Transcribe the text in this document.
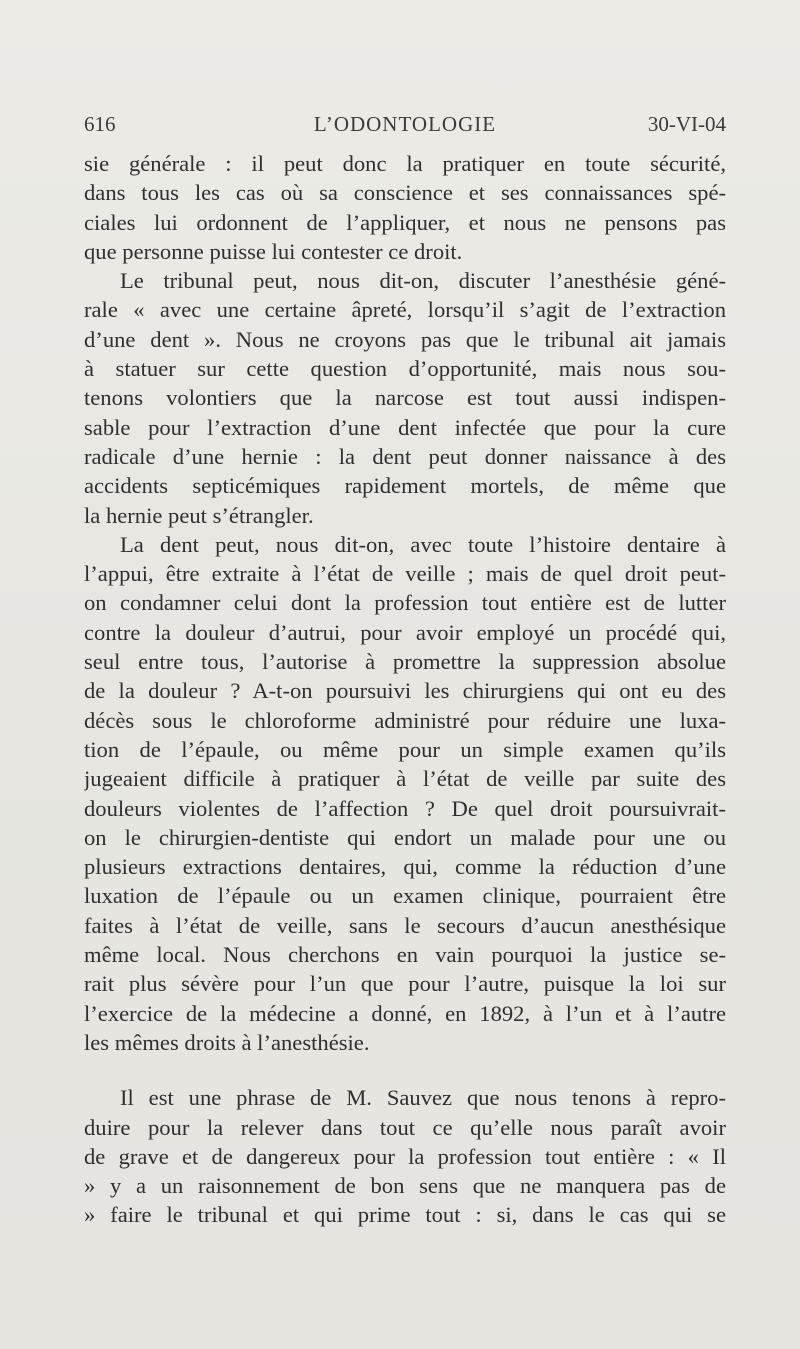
616	L’ODONTOLOGIE	30-VI-04
sie générale : il peut donc la pratiquer en toute sécurité,
dans tous les cas où sa conscience et ses connaissances spé-
ciales lui ordonnent de l’appliquer, et nous ne pensons pas
que personne puisse lui contester ce droit.
Le tribunal peut, nous dit-on, discuter l’anesthésie géné-
rale « avec une certaine âpreté, lorsqu’il s’agit de l’extraction
d’une dent ». Nous ne croyons pas que le tribunal ait jamais
à statuer sur cette question d’opportunité, mais nous sou-
tenons volontiers que la narcose est tout aussi indispen-
sable pour l’extraction d’une dent infectée que pour la cure
radicale d’une hernie : la dent peut donner naissance à des
accidents septicémiques rapidement mortels, de même que
la hernie peut s’étrangler.
La dent peut, nous dit-on, avec toute l’histoire dentaire à
l’appui, être extraite à l’état de veille ; mais de quel droit peut-
on condamner celui dont la profession tout entière est de lutter
contre la douleur d’autrui, pour avoir employé un procédé qui,
seul entre tous, l’autorise à promettre la suppression absolue
de la douleur ? A-t-on poursuivi les chirurgiens qui ont eu des
décès sous le chloroforme administré pour réduire une luxa-
tion de l’épaule, ou même pour un simple examen qu’ils
jugeaient difficile à pratiquer à l’état de veille par suite des
douleurs violentes de l’affection ? De quel droit poursuivrait-
on le chirurgien-dentiste qui endort un malade pour une ou
plusieurs extractions dentaires, qui, comme la réduction d’une
luxation de l’épaule ou un examen clinique, pourraient être
faites à l’état de veille, sans le secours d’aucun anesthésique
même local. Nous cherchons en vain pourquoi la justice se-
rait plus sévère pour l’un que pour l’autre, puisque la loi sur
l’exercice de la médecine a donné, en 1892, à l’un et à l’autre
les mêmes droits à l’anesthésie.
Il est une phrase de M. Sauvez que nous tenons à repro-
duire pour la relever dans tout ce qu’elle nous paraît avoir
de grave et de dangereux pour la profession tout entière : « Il
» y a un raisonnement de bon sens que ne manquera pas de
» faire le tribunal et qui prime tout : si, dans le cas qui se
